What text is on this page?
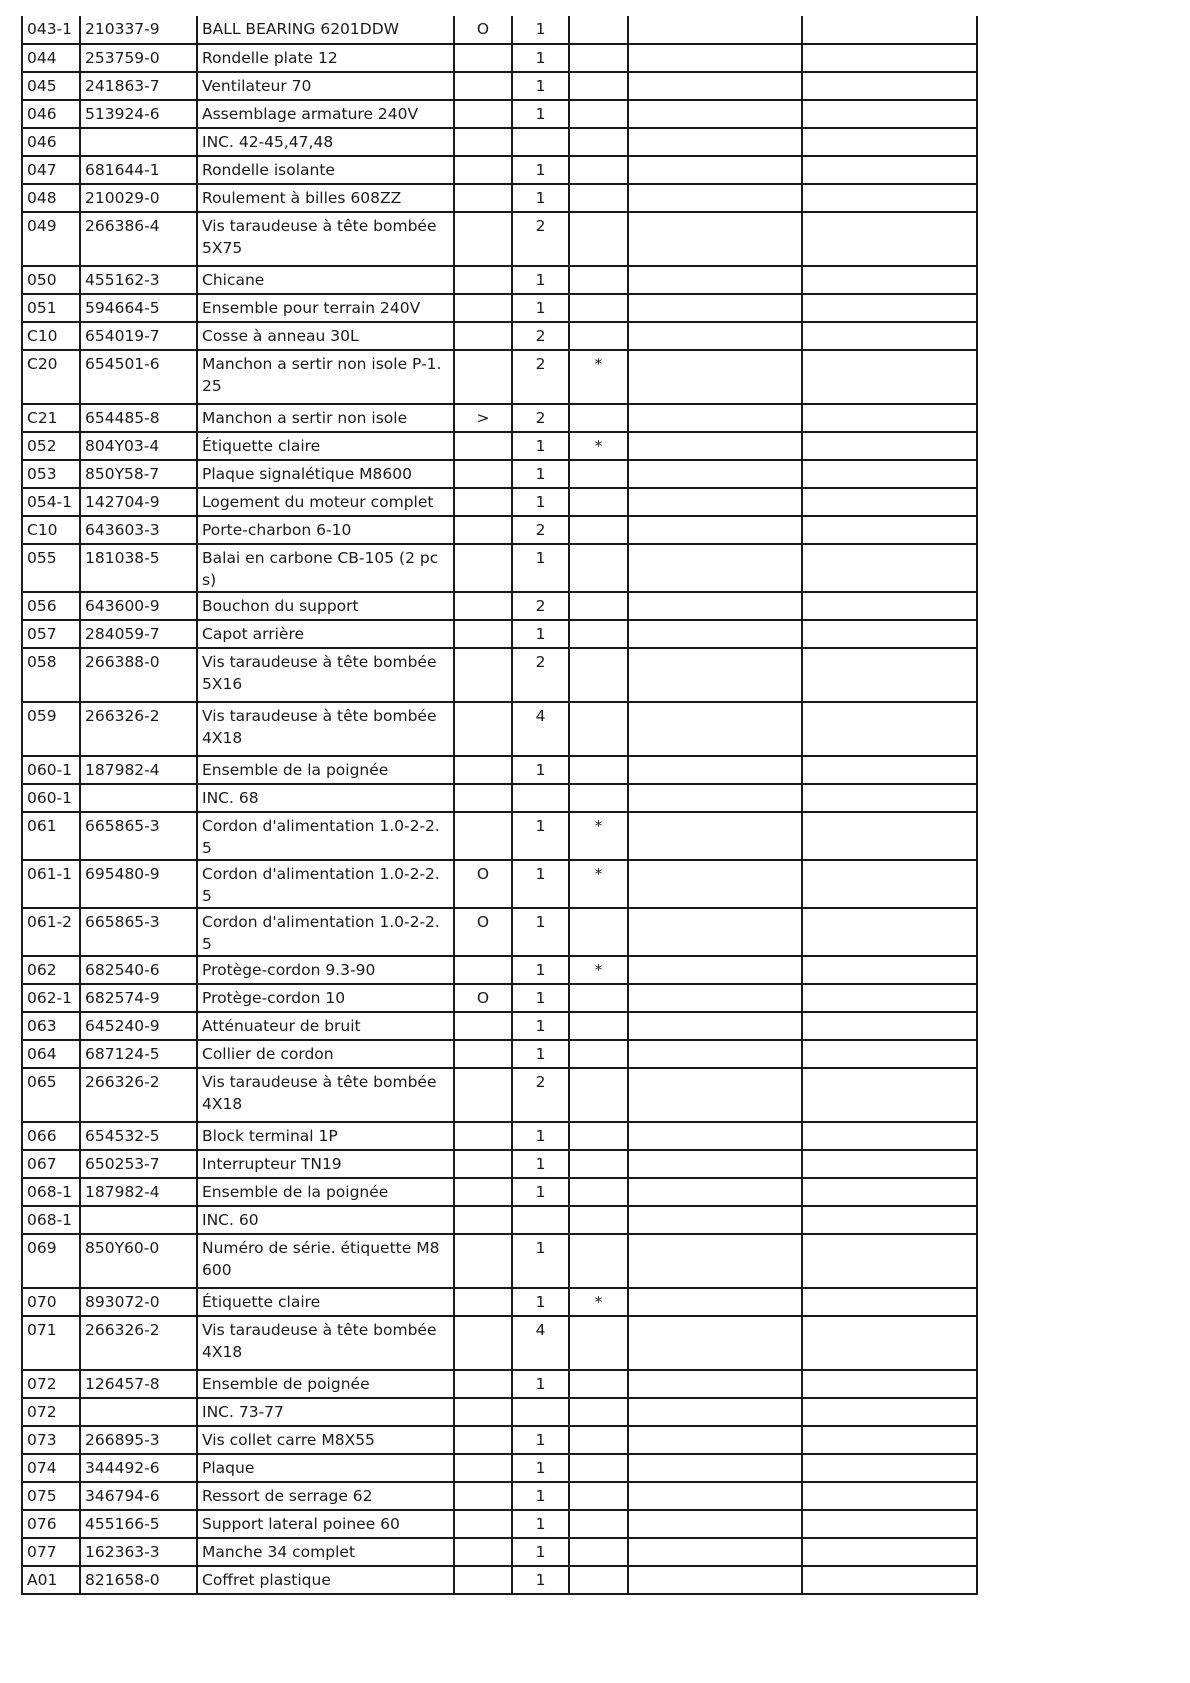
043-1	210337-9	BALL BEARING 6201DDW	O	1			
044	253759-0	Rondelle plate 12		1			
045	241863-7	Ventilateur 70		1			
046	513924-6	Assemblage armature 240V		1			
046		INC. 42-45,47,48					
047	681644-1	Rondelle isolante		1			
048	210029-0	Roulement à billes 608ZZ		1			
049	266386-4	Vis taraudeuse à tête bombée 5X75		2			
050	455162-3	Chicane		1			
051	594664-5	Ensemble pour terrain 240V		1			
C10	654019-7	Cosse à anneau 30L		2			
C20	654501-6	Manchon a sertir non isole P-1.25		2	*		
C21	654485-8	Manchon a sertir non isole	>	2			
052	804Y03-4	Étiquette claire		1	*		
053	850Y58-7	Plaque signalétique M8600		1			
054-1	142704-9	Logement du moteur complet		1			
C10	643603-3	Porte-charbon 6-10		2			
055	181038-5	Balai en carbone CB-105 (2 pcs)		1			
056	643600-9	Bouchon du support		2			
057	284059-7	Capot arrière		1			
058	266388-0	Vis taraudeuse à tête bombée 5X16		2			
059	266326-2	Vis taraudeuse à tête bombée 4X18		4			
060-1	187982-4	Ensemble de la poignée		1			
060-1		INC. 68					
061	665865-3	Cordon d'alimentation 1.0-2-2.5		1	*		
061-1	695480-9	Cordon d'alimentation 1.0-2-2.5	O	1	*		
061-2	665865-3	Cordon d'alimentation 1.0-2-2.5	O	1			
062	682540-6	Protège-cordon 9.3-90		1	*		
062-1	682574-9	Protège-cordon 10	O	1			
063	645240-9	Atténuateur de bruit		1			
064	687124-5	Collier de cordon		1			
065	266326-2	Vis taraudeuse à tête bombée 4X18		2			
066	654532-5	Block terminal 1P		1			
067	650253-7	Interrupteur TN19		1			
068-1	187982-4	Ensemble de la poignée		1			
068-1		INC. 60					
069	850Y60-0	Numéro de série. étiquette M8600		1			
070	893072-0	Étiquette claire		1	*		
071	266326-2	Vis taraudeuse à tête bombée 4X18		4			
072	126457-8	Ensemble de poignée		1			
072		INC. 73-77					
073	266895-3	Vis collet carre M8X55		1			
074	344492-6	Plaque		1			
075	346794-6	Ressort de serrage 62		1			
076	455166-5	Support lateral poinee 60		1			
077	162363-3	Manche 34 complet		1			
A01	821658-0	Coffret plastique		1			
